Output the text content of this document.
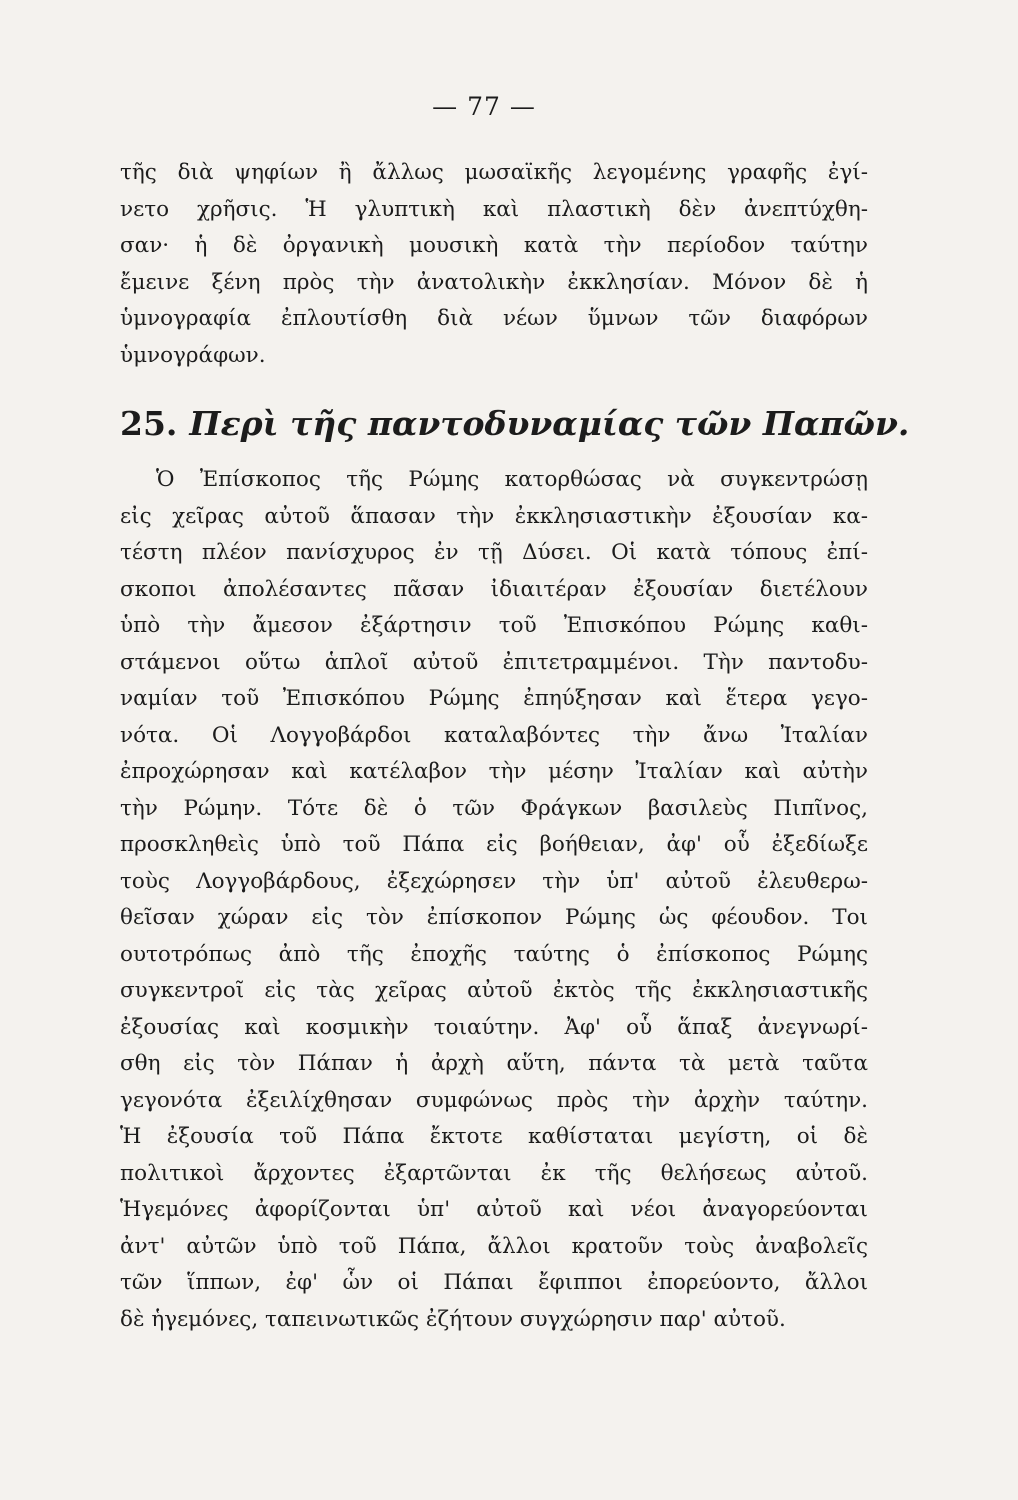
— 77 —
τῆς διὰ ψηφίων ἢ ἄλλως μωσαϊκῆς λεγομένης γραφῆς ἐγί-
νετο χρῆσις. Ἡ γλυπτικὴ καὶ πλαστικὴ δὲν ἀνεπτύχθη-
σαν· ἡ δὲ ὀργανικὴ μουσικὴ κατὰ τὴν περίοδον ταύτην
ἔμεινε ξένη πρὸς τὴν ἀνατολικὴν ἐκκλησίαν. Μόνον δὲ ἡ
ὑμνογραφία ἐπλουτίσθη διὰ νέων ὕμνων τῶν διαφόρων
ὑμνογράφων.
25. Περὶ τῆς παντοδυναμίας τῶν Παπῶν.
Ὁ Ἐπίσκοπος τῆς Ρώμης κατορθώσας νὰ συγκεντρώσῃ
εἰς χεῖρας αὐτοῦ ἅπασαν τὴν ἐκκλησιαστικὴν ἐξουσίαν κα-
τέστη πλέον πανίσχυρος ἐν τῇ Δύσει. Οἱ κατὰ τόπους ἐπί-
σκοποι ἀπολέσαντες πᾶσαν ἰδιαιτέραν ἐξουσίαν διετέλουν
ὑπὸ τὴν ἄμεσον ἐξάρτησιν τοῦ Ἐπισκόπου Ρώμης καθι-
στάμενοι οὕτω ἁπλοῖ αὐτοῦ ἐπιτετραμμένοι. Τὴν παντοδυ-
ναμίαν τοῦ Ἐπισκόπου Ρώμης ἐπηύξησαν καὶ ἕτερα γεγο-
νότα. Οἱ Λογγοβάρδοι καταλαβόντες τὴν ἄνω Ἰταλίαν
ἐπροχώρησαν καὶ κατέλαβον τὴν μέσην Ἰταλίαν καὶ αὐτὴν
τὴν Ρώμην. Τότε δὲ ὁ τῶν Φράγκων βασιλεὺς Πιπῖνος,
προσκληθεὶς ὑπὸ τοῦ Πάπα εἰς βοήθειαν, ἀφ' οὗ ἐξεδίωξε
τοὺς Λογγοβάρδους, ἐξεχώρησεν τὴν ὑπ' αὐτοῦ ἐλευθερω-
θεῖσαν χώραν εἰς τὸν ἐπίσκοπον Ρώμης ὡς φέουδον. Τοι
ουτοτρόπως ἀπὸ τῆς ἐποχῆς ταύτης ὁ ἐπίσκοπος Ρώμης
συγκεντροῖ εἰς τὰς χεῖρας αὐτοῦ ἐκτὸς τῆς ἐκκλησιαστικῆς
ἐξουσίας καὶ κοσμικὴν τοιαύτην. Ἀφ' οὗ ἅπαξ ἀνεγνωρί-
σθη εἰς τὸν Πάπαν ἡ ἀρχὴ αὕτη, πάντα τὰ μετὰ ταῦτα
γεγονότα ἐξειλίχθησαν συμφώνως πρὸς τὴν ἀρχὴν ταύτην.
Ἡ ἐξουσία τοῦ Πάπα ἔκτοτε καθίσταται μεγίστη, οἱ δὲ
πολιτικοὶ ἄρχοντες ἐξαρτῶνται ἐκ τῆς θελήσεως αὐτοῦ.
Ἡγεμόνες ἀφορίζονται ὑπ' αὐτοῦ καὶ νέοι ἀναγορεύονται
ἀντ' αὐτῶν ὑπὸ τοῦ Πάπα, ἄλλοι κρατοῦν τοὺς ἀναβολεῖς
τῶν ἵππων, ἐφ' ὧν οἱ Πάπαι ἔφιπποι ἐπορεύοντο, ἄλλοι
δὲ ἡγεμόνες, ταπεινωτικῶς ἐζήτουν συγχώρησιν παρ' αὐτοῦ.
